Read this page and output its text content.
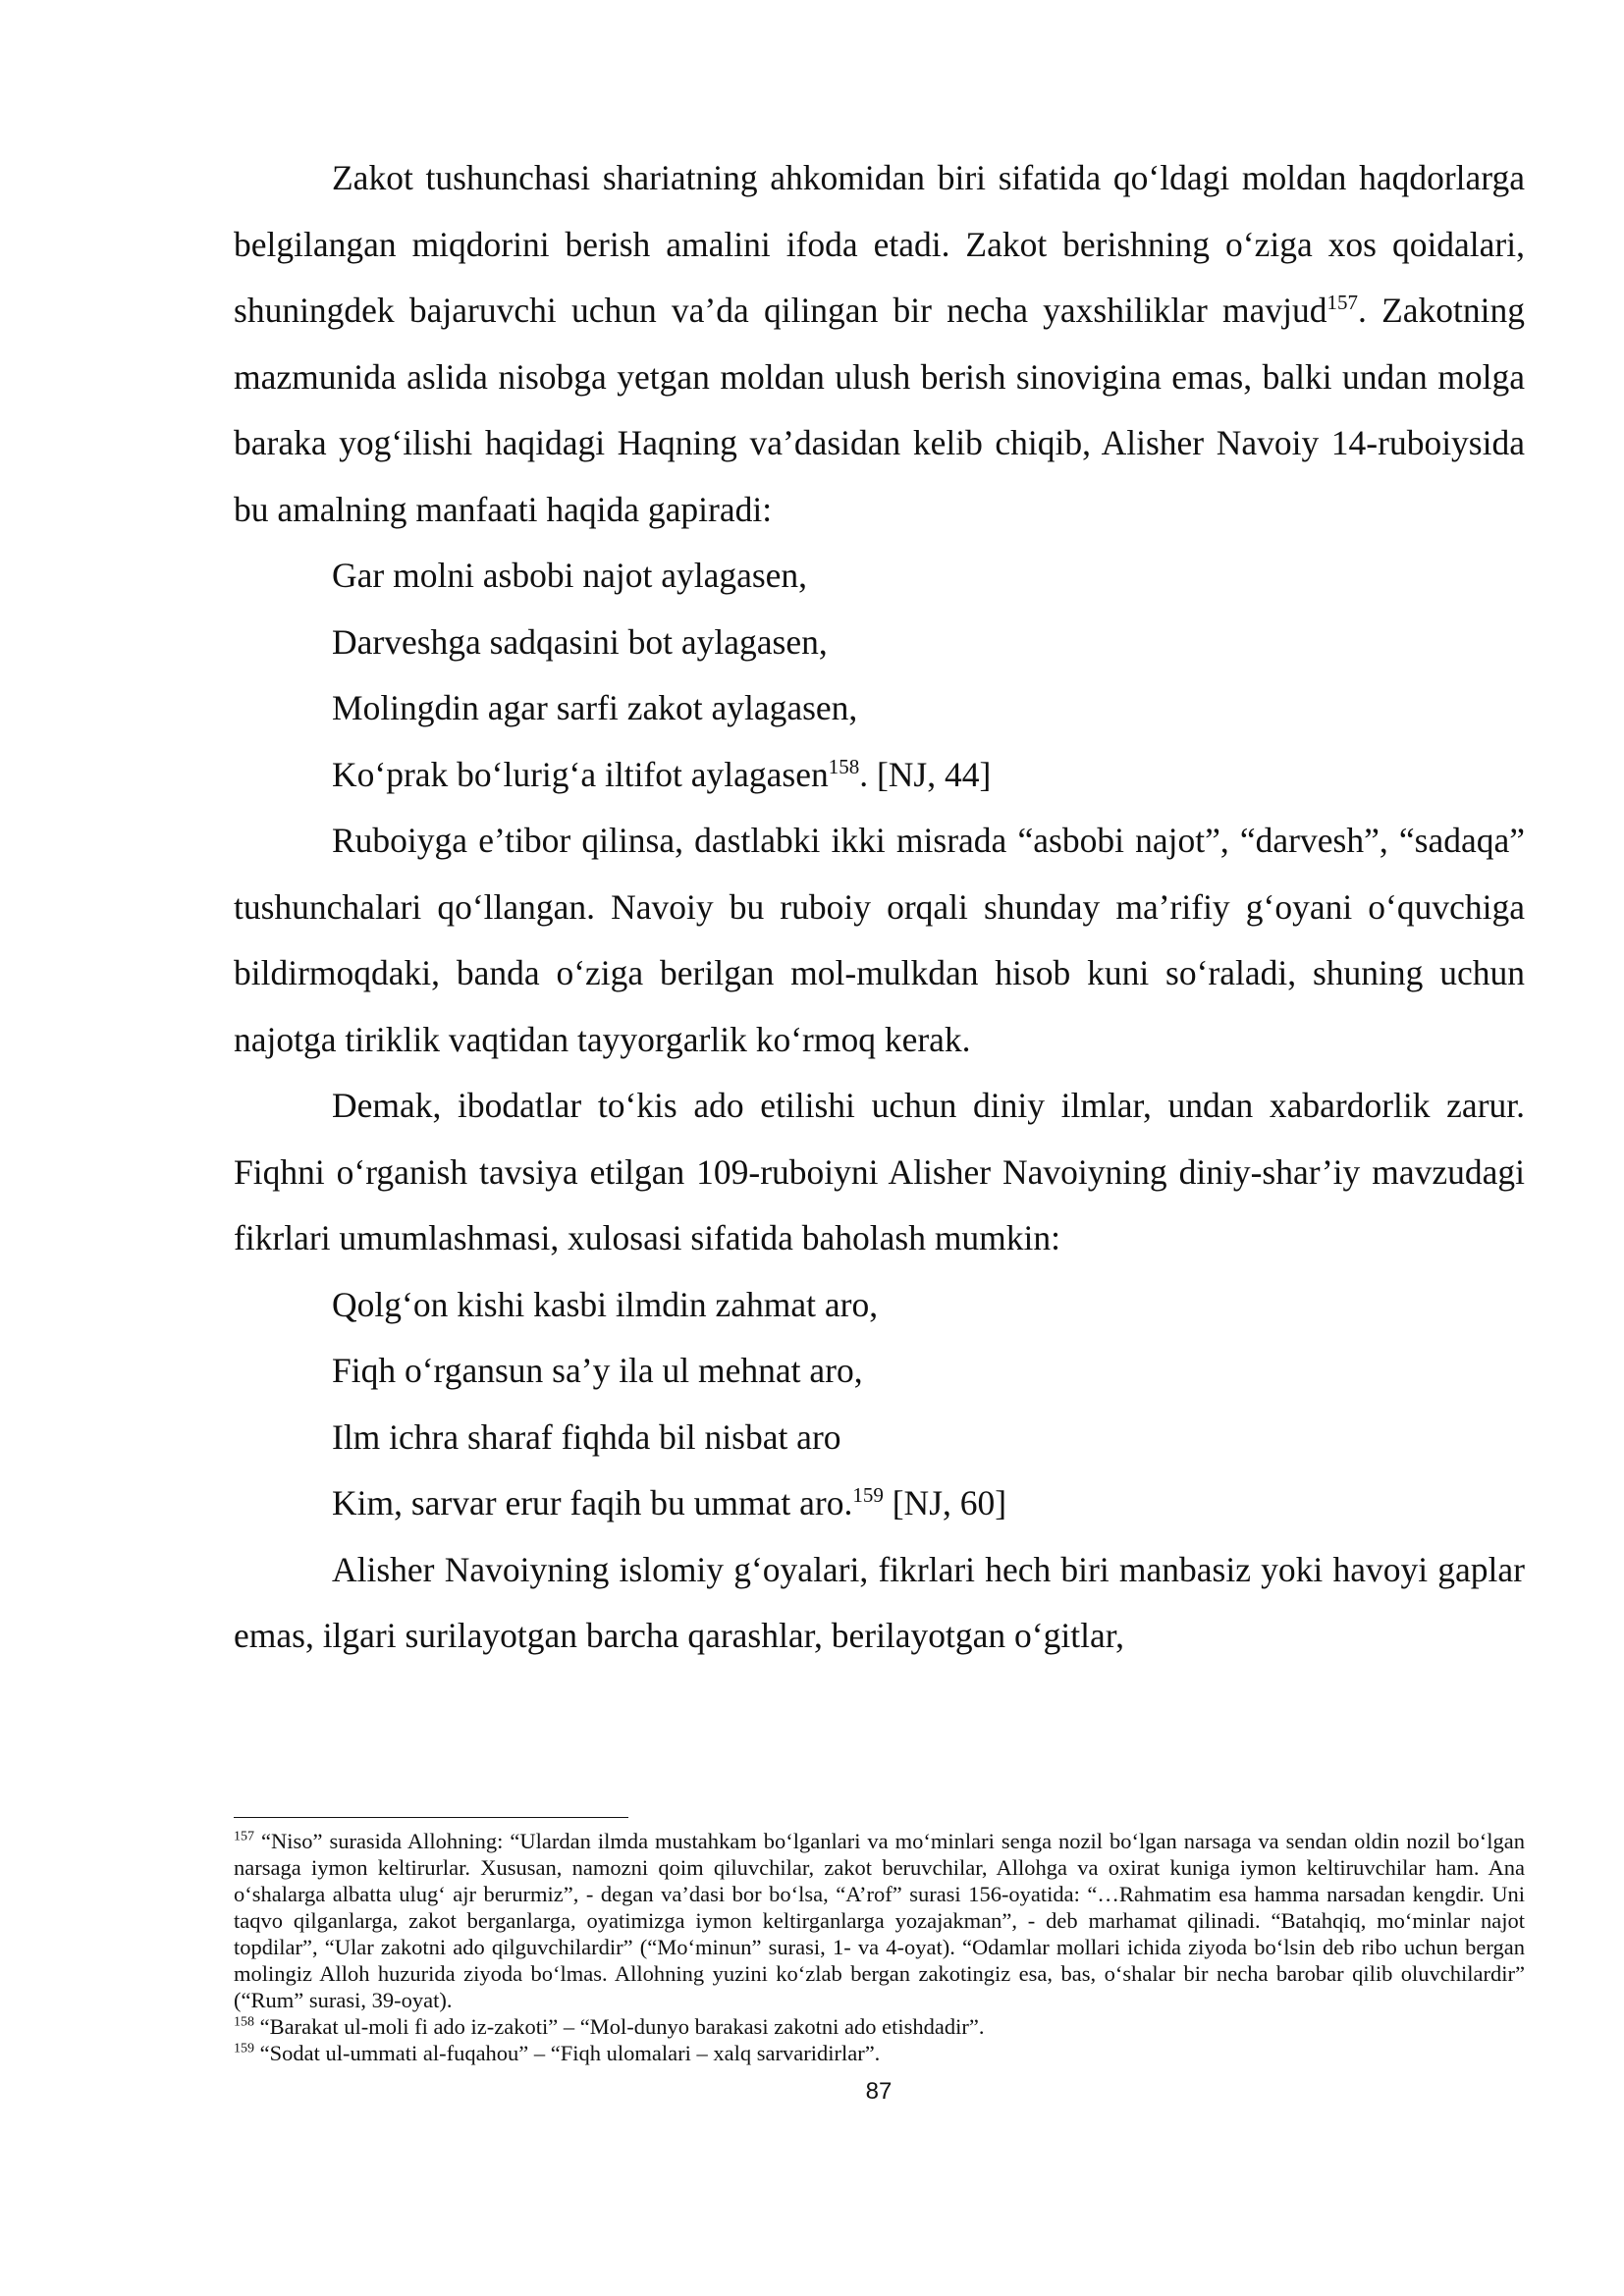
Zakot tushunchasi shariatning ahkomidan biri sifatida qo‘ldagi moldan haqdorlarga belgilangan miqdorini berish amalini ifoda etadi. Zakot berishning o‘ziga xos qoidalari, shuningdek bajaruvchi uchun va’da qilingan bir necha yaxshiliklar mavjud$^{157}$. Zakotning mazmunida aslida nisobga yetgan moldan ulush berish sinovigina emas, balki undan molga baraka yog‘ilishi haqidagi Haqning va’dasidan kelib chiqib, Alisher Navoiy 14-ruboiysida bu amalning manfaati haqida gapiradi:

Gar molni asbobi najot aylagasen,

Darveshga sadqasini bot aylagasen,

Molingdin agar sarfi zakot aylagasen,

Ko‘prak bo‘lurig‘a iltifot aylagasen$^{158}$. [NJ, 44]

Ruboiyga e’tibor qilinsa, dastlabki ikki misrada “asbobi najot”, “darvesh”, “sadaqa” tushunchalari qo‘llangan. Navoiy bu ruboiy orqali shunday ma’rifiy g‘oyani o‘quvchiga bildirmoqdaki, banda o‘ziga berilgan mol-mulkdan hisob kuni so‘raladi, shuning uchun najotga tiriklik vaqtidan tayyorgarlik ko‘rmoq kerak.

Demak, ibodatlar to‘kis ado etilishi uchun diniy ilmlar, undan xabardorlik zarur. Fiqhni o‘rganish tavsiya etilgan 109-ruboiyni Alisher Navoiyning diniy-shar’iy mavzudagi fikrlari umumlashmasi, xulosasi sifatida baholash mumkin:

Qolg‘on kishi kasbi ilmdin zahmat aro,

Fiqh o‘rgansun sa’y ila ul mehnat aro,

Ilm ichra sharaf fiqhda bil nisbat aro

Kim, sarvar erur faqih bu ummat aro.$^{159}$ [NJ, 60]

Alisher Navoiyning islomiy g‘oyalari, fikrlari hech biri manbasiz yoki havoyi gaplar emas, ilgari surilayotgan barcha qarashlar, berilayotgan o‘gitlar,

$^{157}$ “Niso” surasida Allohning: “Ulardan ilmda mustahkam bo‘lganlari va mo‘minlari senga nozil bo‘lgan narsaga va sendan oldin nozil bo‘lgan narsaga iymon keltirurlar. Xususan, namozni qoim qiluvchilar, zakot beruvchilar, Allohga va oxirat kuniga iymon keltiruvchilar ham. Ana o‘shalarga albatta ulug‘ ajr berurmiz”, - degan va’dasi bor bo‘lsa, “A’rof” surasi 156-oyatida: “…Rahmatim esa hamma narsadan kengdir. Uni taqvo qilganlarga, zakot berganlarga, oyatimizga iymon keltirganlarga yozajakman”, - deb marhamat qilinadi. “Batahqiq, mo‘minlar najot topdilar”, “Ular zakotni ado qilguvchilardir” (“Mo‘minun” surasi, 1- va 4-oyat). “Odamlar mollari ichida ziyoda bo‘lsin deb ribo uchun bergan molingiz Alloh huzurida ziyoda bo‘lmas. Allohning yuzini ko‘zlab bergan zakotingiz esa, bas, o‘shalar bir necha barobar qilib oluvchilardir” (“Rum” surasi, 39-oyat).

$^{158}$ “Barakat ul-moli fi ado iz-zakoti” – “Mol-dunyo barakasi zakotni ado etishdadir”.

$^{159}$ “Sodat ul-ummati al-fuqahou” – “Fiqh ulomalari – xalq sarvaridirlar”.

87
